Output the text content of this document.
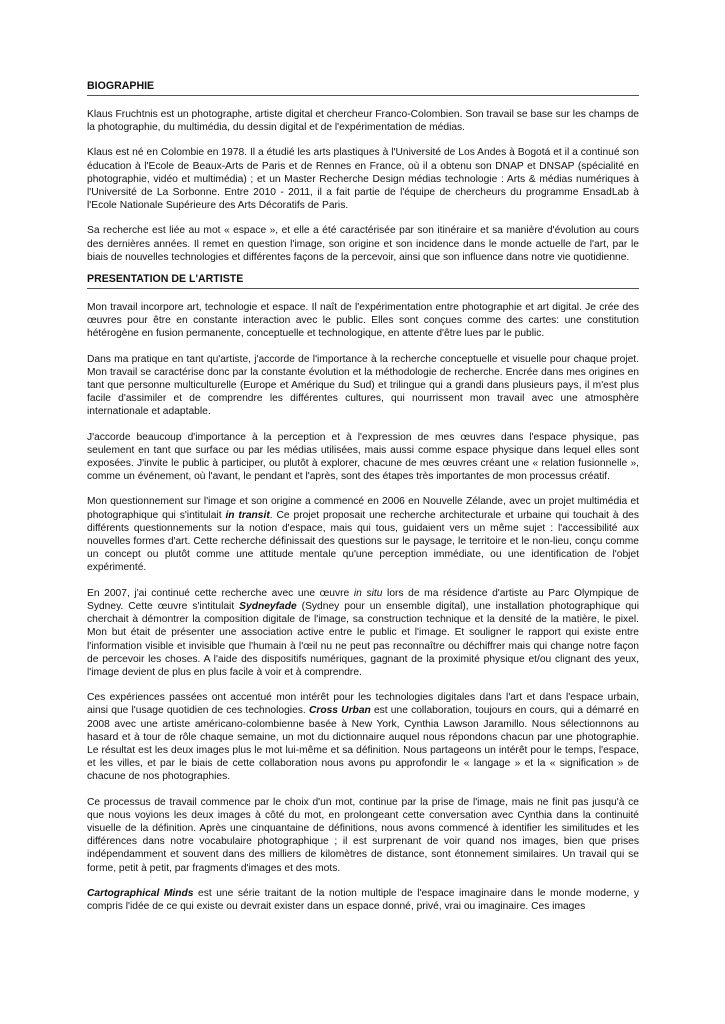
BIOGRAPHIE

Klaus Fruchtnis est un photographe, artiste digital et chercheur Franco-Colombien. Son travail se base sur les champs de la photographie, du multimédia, du dessin digital et de l'expérimentation de médias.

Klaus est né en Colombie en 1978. Il a étudié les arts plastiques à l'Université de Los Andes à Bogotá et il a continué son éducation à l'Ecole de Beaux-Arts de Paris et de Rennes en France, où il a obtenu son DNAP et DNSAP (spécialité en photographie, vidéo et multimédia) ; et un Master Recherche Design médias technologie : Arts & médias numériques à l'Université de La Sorbonne. Entre 2010 - 2011, il a fait partie de l'équipe de chercheurs du programme EnsadLab à l'Ecole Nationale Supérieure des Arts Décoratifs de Paris.

Sa recherche est liée au mot « espace », et elle a été caractérisée par son itinéraire et sa manière d'évolution au cours des dernières années. Il remet en question l'image, son origine et son incidence dans le monde actuelle de l'art, par le biais de nouvelles technologies et différentes façons de la percevoir, ainsi que son influence dans notre vie quotidienne.

PRESENTATION DE L'ARTISTE

Mon travail incorpore art, technologie et espace. Il naît de l'expérimentation entre photographie et art digital. Je crée des œuvres pour être en constante interaction avec le public. Elles sont conçues comme des cartes: une constitution hétérogène en fusion permanente, conceptuelle et technologique, en attente d'être lues par le public.

Dans ma pratique en tant qu'artiste, j'accorde de l'importance à la recherche conceptuelle et visuelle pour chaque projet. Mon travail se caractérise donc par la constante évolution et la méthodologie de recherche. Encrée dans mes origines en tant que personne multiculturelle (Europe et Amérique du Sud) et trilingue qui a grandi dans plusieurs pays, il m'est plus facile d'assimiler et de comprendre les différentes cultures, qui nourrissent mon travail avec une atmosphère internationale et adaptable.

J'accorde beaucoup d'importance à la perception et à l'expression de mes œuvres dans l'espace physique, pas seulement en tant que surface ou par les médias utilisées, mais aussi comme espace physique dans lequel elles sont exposées. J'invite le public à participer, ou plutôt à explorer, chacune de mes œuvres créant une « relation fusionnelle », comme un événement, où l'avant, le pendant et l'après, sont des étapes très importantes de mon processus créatif.

Mon questionnement sur l'image et son origine a commencé en 2006 en Nouvelle Zélande, avec un projet multimédia et photographique qui s'intitulait in transit. Ce projet proposait une recherche architecturale et urbaine qui touchait à des différents questionnements sur la notion d'espace, mais qui tous, guidaient vers un même sujet : l'accessibilité aux nouvelles formes d'art. Cette recherche définissait des questions sur le paysage, le territoire et le non-lieu, conçu comme un concept ou plutôt comme une attitude mentale qu'une perception immédiate, ou une identification de l'objet expérimenté.

En 2007, j'ai continué cette recherche avec une œuvre in situ lors de ma résidence d'artiste au Parc Olympique de Sydney. Cette œuvre s'intitulait Sydneyfade (Sydney pour un ensemble digital), une installation photographique qui cherchait à démontrer la composition digitale de l'image, sa construction technique et la densité de la matière, le pixel. Mon but était de présenter une association active entre le public et l'image. Et souligner le rapport qui existe entre l'information visible et invisible que l'humain à l'œil nu ne peut pas reconnaître ou déchiffrer mais qui change notre façon de percevoir les choses. A l'aide des dispositifs numériques, gagnant de la proximité physique et/ou clignant des yeux, l'image devient de plus en plus facile à voir et à comprendre.

Ces expériences passées ont accentué mon intérêt pour les technologies digitales dans l'art et dans l'espace urbain, ainsi que l'usage quotidien de ces technologies. Cross Urban est une collaboration, toujours en cours, qui a démarré en 2008 avec une artiste américano-colombienne basée à New York, Cynthia Lawson Jaramillo. Nous sélectionnons au hasard et à tour de rôle chaque semaine, un mot du dictionnaire auquel nous répondons chacun par une photographie. Le résultat est les deux images plus le mot lui-même et sa définition. Nous partageons un intérêt pour le temps, l'espace, et les villes, et par le biais de cette collaboration nous avons pu approfondir le « langage » et la « signification » de chacune de nos photographies.

Ce processus de travail commence par le choix d'un mot, continue par la prise de l'image, mais ne finit pas jusqu'à ce que nous voyions les deux images à côté du mot, en prolongeant cette conversation avec Cynthia dans la continuité visuelle de la définition. Après une cinquantaine de définitions, nous avons commencé à identifier les similitudes et les différences dans notre vocabulaire photographique ; il est surprenant de voir quand nos images, bien que prises indépendamment et souvent dans des milliers de kilomètres de distance, sont étonnement similaires. Un travail qui se forme, petit à petit, par fragments d'images et des mots.

Cartographical Minds est une série traitant de la notion multiple de l'espace imaginaire dans le monde moderne, y compris l'idée de ce qui existe ou devrait exister dans un espace donné, privé, vrai ou imaginaire. Ces images
